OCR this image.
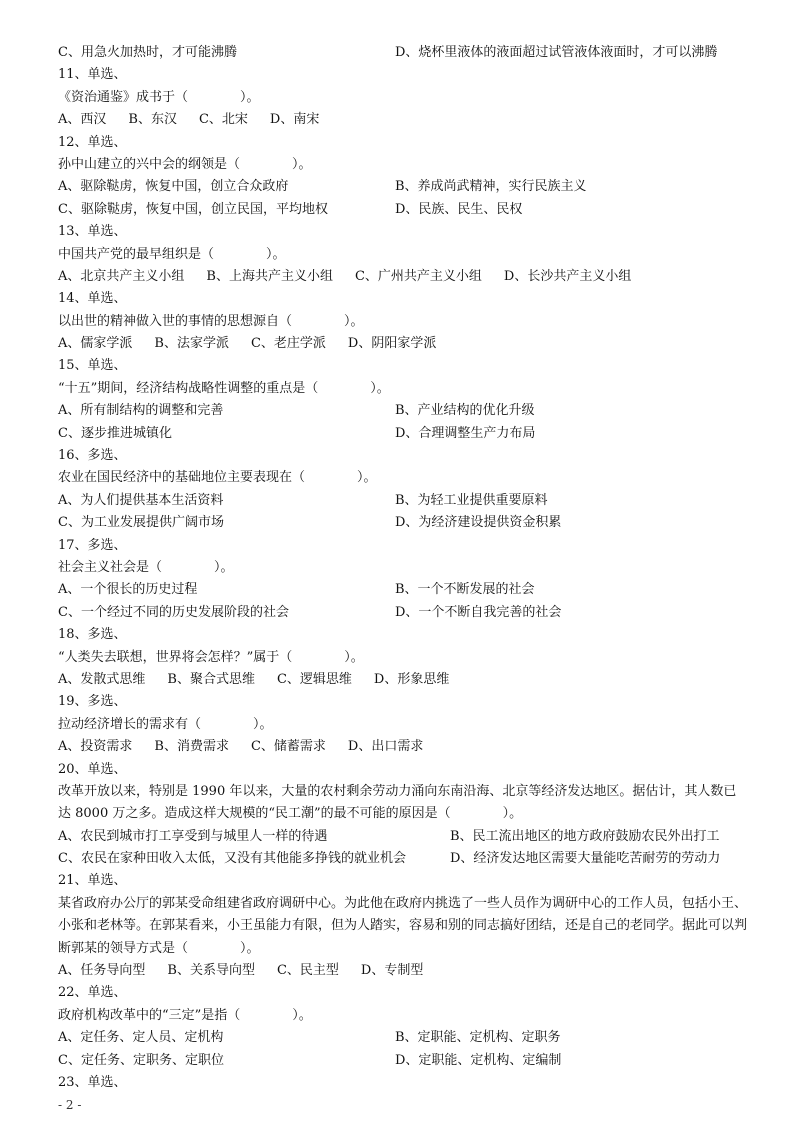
C、用急火加热时，才可能沸腾	D、烧杯里液体的液面超过试管液体液面时，才可以沸腾
11、单选、
《资治通鉴》成书于（　　　　）。
A、西汉 B、东汉 C、北宋 D、南宋
12、单选、
孙中山建立的兴中会的纲领是（　　　　）。
A、驱除鞑虏，恢复中国，创立合众政府	B、养成尚武精神，实行民族主义
C、驱除鞑虏，恢复中国，创立民国，平均地权	D、民族、民生、民权
13、单选、
中国共产党的最早组织是（　　　　）。
A、北京共产主义小组 B、上海共产主义小组 C、广州共产主义小组 D、长沙共产主义小组
14、单选、
以出世的精神做入世的事情的思想源自（　　　　）。
A、儒家学派 B、法家学派 C、老庄学派 D、阴阳家学派
15、单选、
“十五”期间，经济结构战略性调整的重点是（　　　　）。
A、所有制结构的调整和完善	B、产业结构的优化升级
C、逐步推进城镇化	D、合理调整生产力布局
16、多选、
农业在国民经济中的基础地位主要表现在（　　　　）。
A、为人们提供基本生活资料	B、为轻工业提供重要原料
C、为工业发展提供广阔市场	D、为经济建设提供资金积累
17、多选、
社会主义社会是（　　　　）。
A、一个很长的历史过程	B、一个不断发展的社会
C、一个经过不同的历史发展阶段的社会	D、一个不断自我完善的社会
18、多选、
“人类失去联想，世界将会怎样？”属于（　　　　）。
A、发散式思维 B、聚合式思维 C、逻辑思维 D、形象思维
19、多选、
拉动经济增长的需求有（　　　　）。
A、投资需求 B、消费需求 C、储蓄需求 D、出口需求
20、单选、
改革开放以来，特别是 1990 年以来，大量的农村剩余劳动力涌向东南沿海、北京等经济发达地区。据估计，其人数已达 8000 万之多。造成这样大规模的“民工潮”的最不可能的原因是（　　　　）。
A、农民到城市打工享受到与城里人一样的待遇	B、民工流出地区的地方政府鼓励农民外出打工
C、农民在家种田收入太低，又没有其他能多挣钱的就业机会	D、经济发达地区需要大量能吃苦耐劳的劳动力
21、单选、
某省政府办公厅的郭某受命组建省政府调研中心。为此他在政府内挑选了一些人员作为调研中心的工作人员，包括小王、小张和老林等。在郭某看来，小王虽能力有限，但为人踏实，容易和别的同志搞好团结，还是自己的老同学。据此可以判断郭某的领导方式是（　　　　）。
A、任务导向型 B、关系导向型 C、民主型 D、专制型
22、单选、
政府机构改革中的“三定”是指（　　　　）。
A、定任务、定人员、定机构	B、定职能、定机构、定职务
C、定任务、定职务、定职位	D、定职能、定机构、定编制
23、单选、
- 2 -
